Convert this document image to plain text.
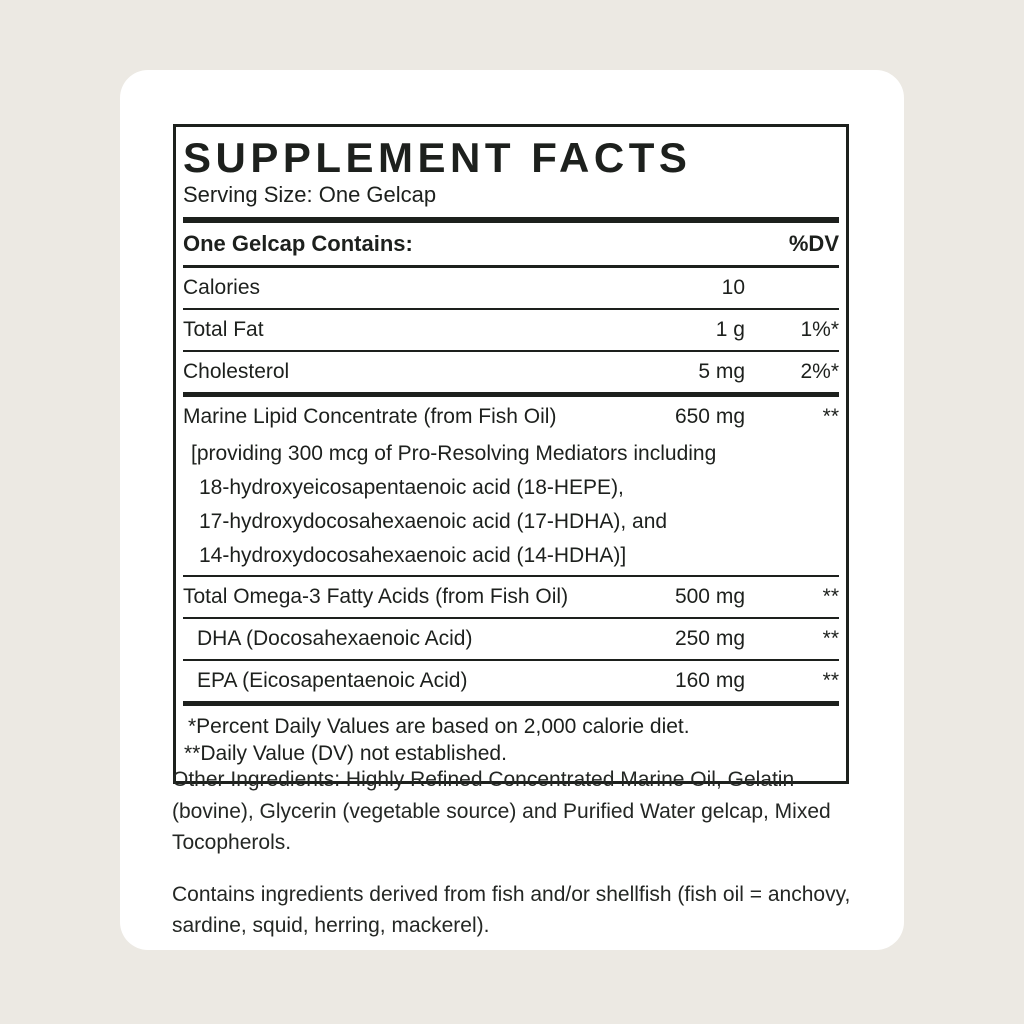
SUPPLEMENT FACTS
Serving Size: One Gelcap
One Gelcap Contains:	%DV
Calories	10
Total Fat	1 g	1%*
Cholesterol	5 mg	2%*
Marine Lipid Concentrate (from Fish Oil)	650 mg	**
[providing 300 mcg of Pro-Resolving Mediators including
18-hydroxyeicosapentaenoic acid (18-HEPE),
17-hydroxydocosahexaenoic acid (17-HDHA), and
14-hydroxydocosahexaenoic acid (14-HDHA)]
Total Omega-3 Fatty Acids (from Fish Oil)	500 mg	**
DHA (Docosahexaenoic Acid)	250 mg	**
EPA (Eicosapentaenoic Acid)	160 mg	**
*Percent Daily Values are based on 2,000 calorie diet.
**Daily Value (DV) not established.
Other Ingredients: Highly Refined Concentrated Marine Oil, Gelatin (bovine), Glycerin (vegetable source) and Purified Water gelcap, Mixed Tocopherols.
Contains ingredients derived from fish and/or shellfish (fish oil = anchovy, sardine, squid, herring, mackerel).
